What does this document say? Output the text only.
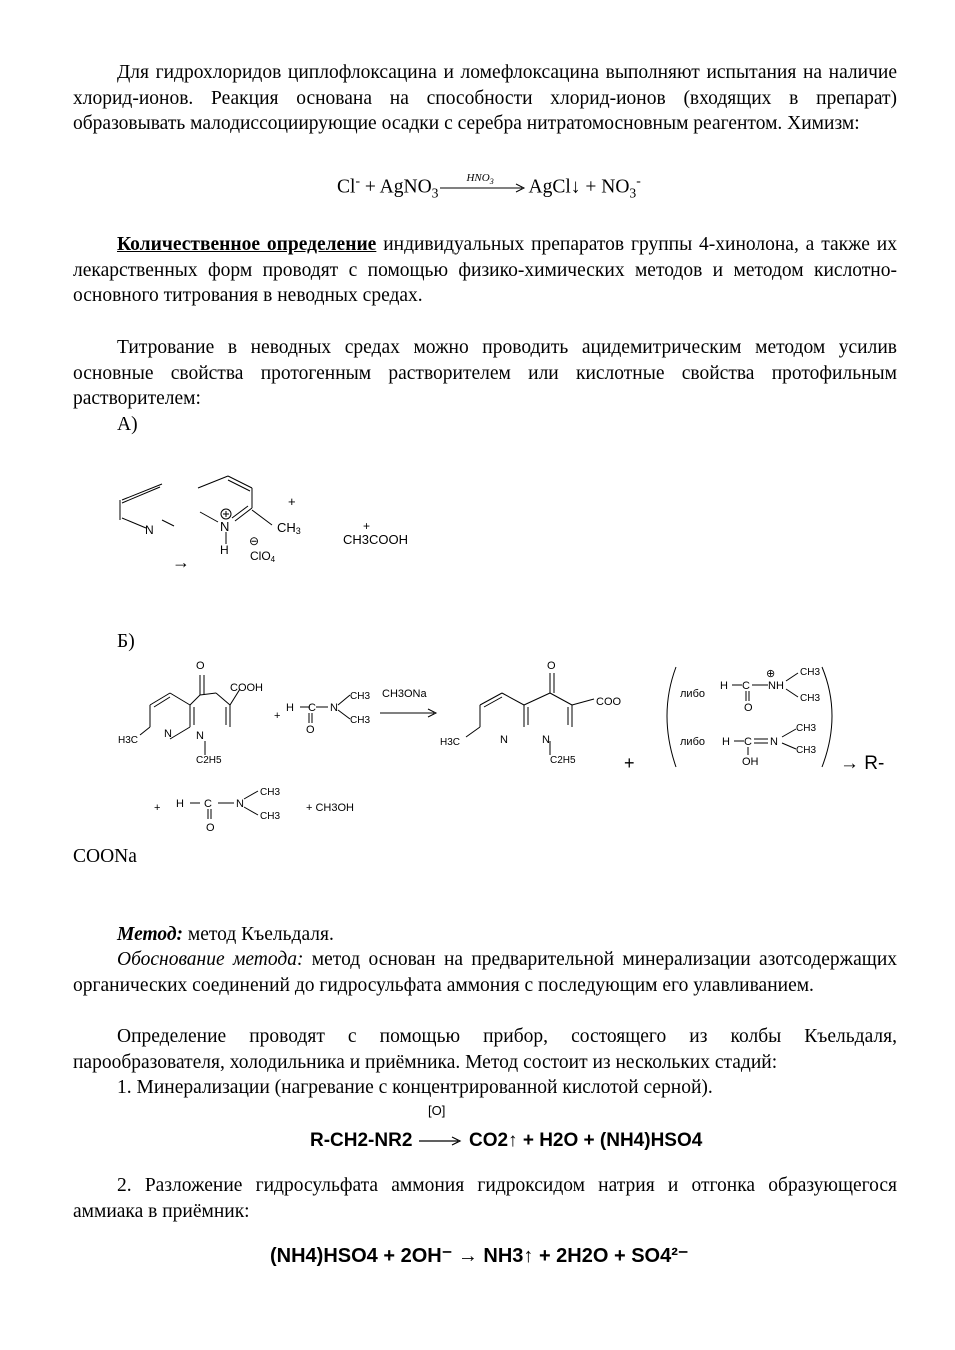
Для гидрохлоридов циплофлоксацина и ломефлоксацина выполняют испытания на наличие хлорид-ионов. Реакция основана на способности хлорид-ионов (входящих в препарат) образовывать малодиссоциирующие осадки с серебра нитратомосновным реагентом. Химизм:
Cl- + AgNO$_3$
$HNO_3$ AgCl↓ + $NO_3^-$
Количественное определение индивидуальных препаратов группы 4-хинолона, а также их лекарственных форм проводят с помощью физико-химических методов и методом кислотно-основного титрования в неводных средах.
Титрование в неводных средах можно проводить ацидемитрическим методом усилив основные свойства протогенным растворителем или кислотные свойства протофильным растворителем:
А)
N	N
H
⊖
ClO4
CH3
+
+
CH3COOH
→
Б)
O
COOH
N N
H3C
C2H5
+
H C N
CH3
CH3
O
CH3ONa
O
COO
N	N
H3C
C2H5
либо
H C NH
⊕ CH3
CH3
O
либо H C N
CH3
CH3
OH
+	→ R-
+ H C N
CH3
CH3
O
+ CH3OH
COONa
Метод: метод Къельдаля.
Обоснование метода: метод основан на предварительной минерализации азотсодержащих органических соединений до гидросульфата аммония с последующим его улавливанием.
Определение проводят с помощью прибор, состоящего из колбы Къельдаля, парообразователя, холодильника и приёмника. Метод состоит из нескольких стадий:
1. Минерализации (нагревание с концентрированной кислотой серной).
[O]
R-CH2-NR2	CO2↑ + H2O + (NH4)HSO4
2. Разложение гидросульфата аммония гидроксидом натрия и отгонка образующегося аммиака в приёмник:
(NH4)HSO4 + 2OH⁻ → NH3↑ + 2H2O + SO4²⁻
